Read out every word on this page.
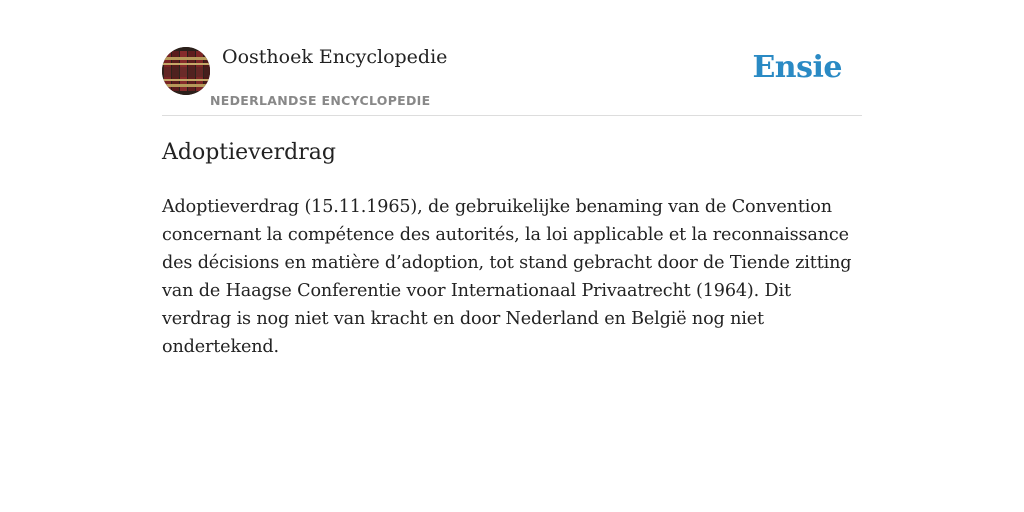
Oosthoek Encyclopedie
NEDERLANDSE ENCYCLOPEDIE
Ensie
Adoptieverdrag

Adoptieverdrag (15.11.1965), de gebruikelijke benaming van de Convention concernant la compétence des autorités, la loi applicable et la reconnaissance des décisions en matière d’adoption, tot stand gebracht door de Tiende zitting van de Haagse Conferentie voor Internationaal Privaatrecht (1964). Dit verdrag is nog niet van kracht en door Nederland en België nog niet ondertekend.
